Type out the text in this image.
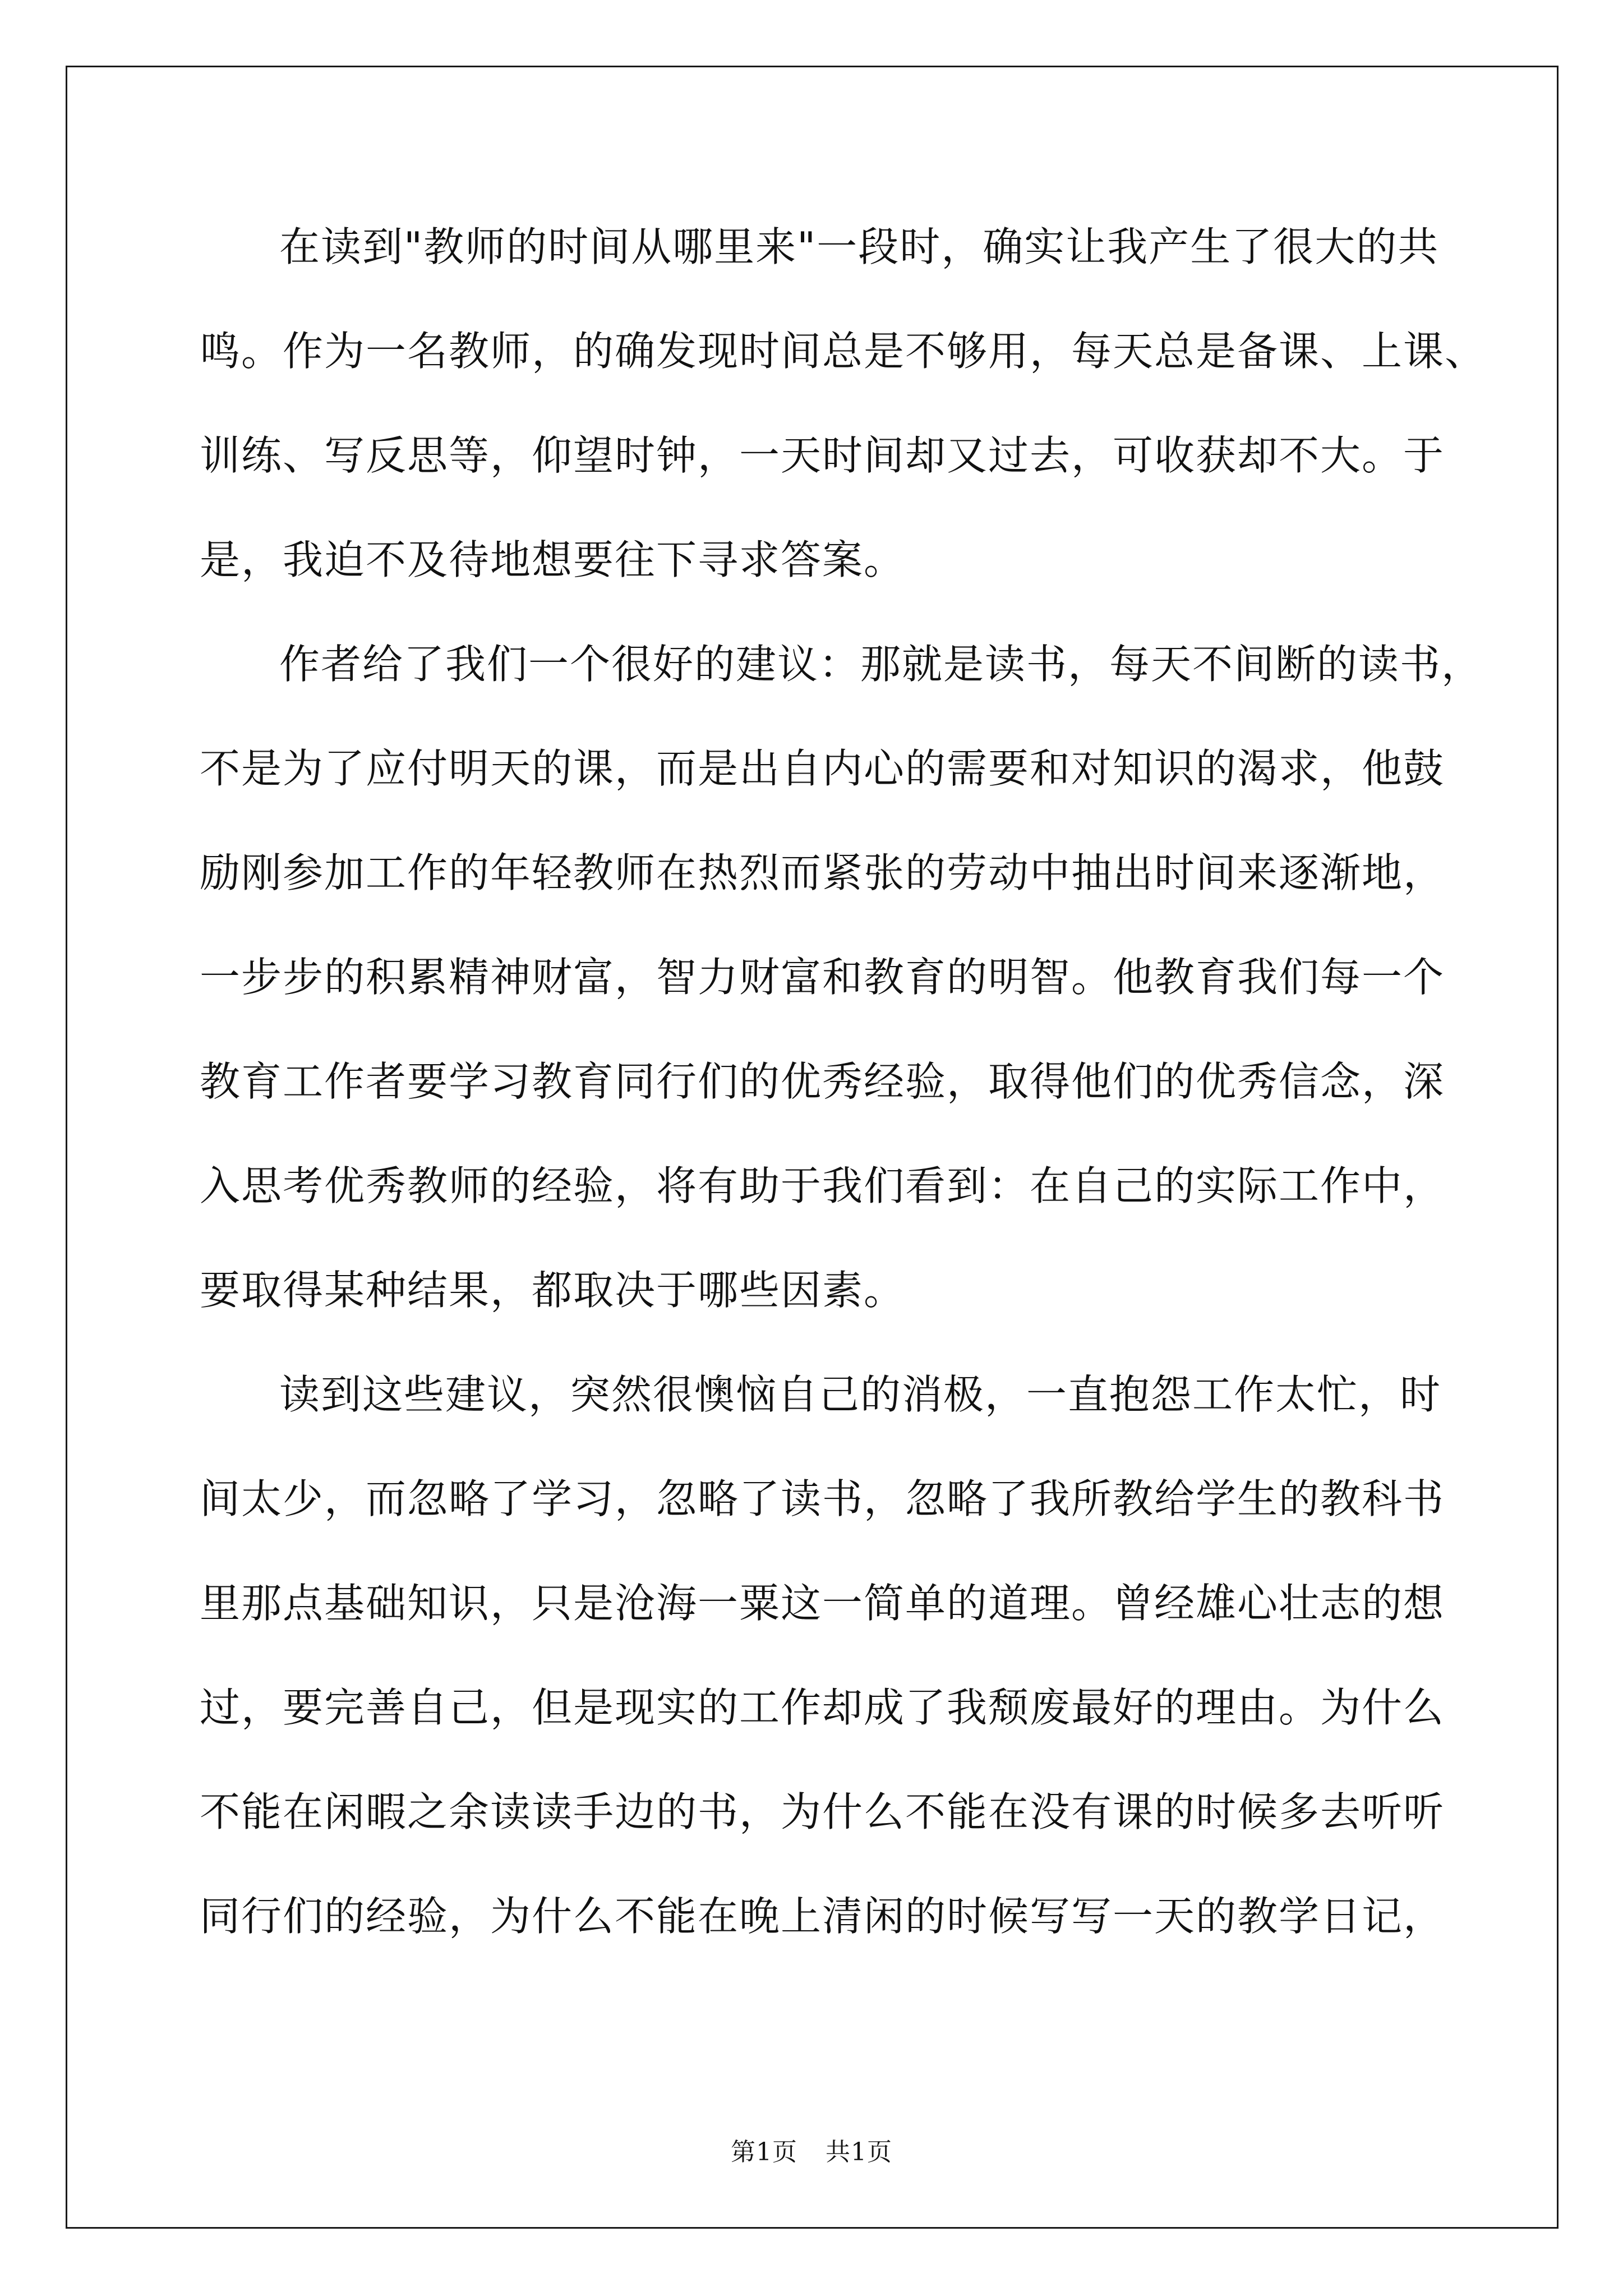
在读到"教师的时间从哪里来"一段时，确实让我产生了很大的共
鸣。作为一名教师，的确发现时间总是不够用，每天总是备课、上课、
训练、写反思等，仰望时钟，一天时间却又过去，可收获却不大。于
是，我迫不及待地想要往下寻求答案。
作者给了我们一个很好的建议：那就是读书，每天不间断的读书，
不是为了应付明天的课，而是出自内心的需要和对知识的渴求，他鼓
励刚参加工作的年轻教师在热烈而紧张的劳动中抽出时间来逐渐地，
一步步的积累精神财富，智力财富和教育的明智。他教育我们每一个
教育工作者要学习教育同行们的优秀经验，取得他们的优秀信念，深
入思考优秀教师的经验，将有助于我们看到：在自己的实际工作中，
要取得某种结果，都取决于哪些因素。
读到这些建议，突然很懊恼自己的消极，一直抱怨工作太忙，时
间太少，而忽略了学习，忽略了读书，忽略了我所教给学生的教科书
里那点基础知识，只是沧海一粟这一简单的道理。曾经雄心壮志的想
过，要完善自己，但是现实的工作却成了我颓废最好的理由。为什么
不能在闲暇之余读读手边的书，为什么不能在没有课的时候多去听听
同行们的经验，为什么不能在晚上清闲的时候写写一天的教学日记，
第1页 共1页
